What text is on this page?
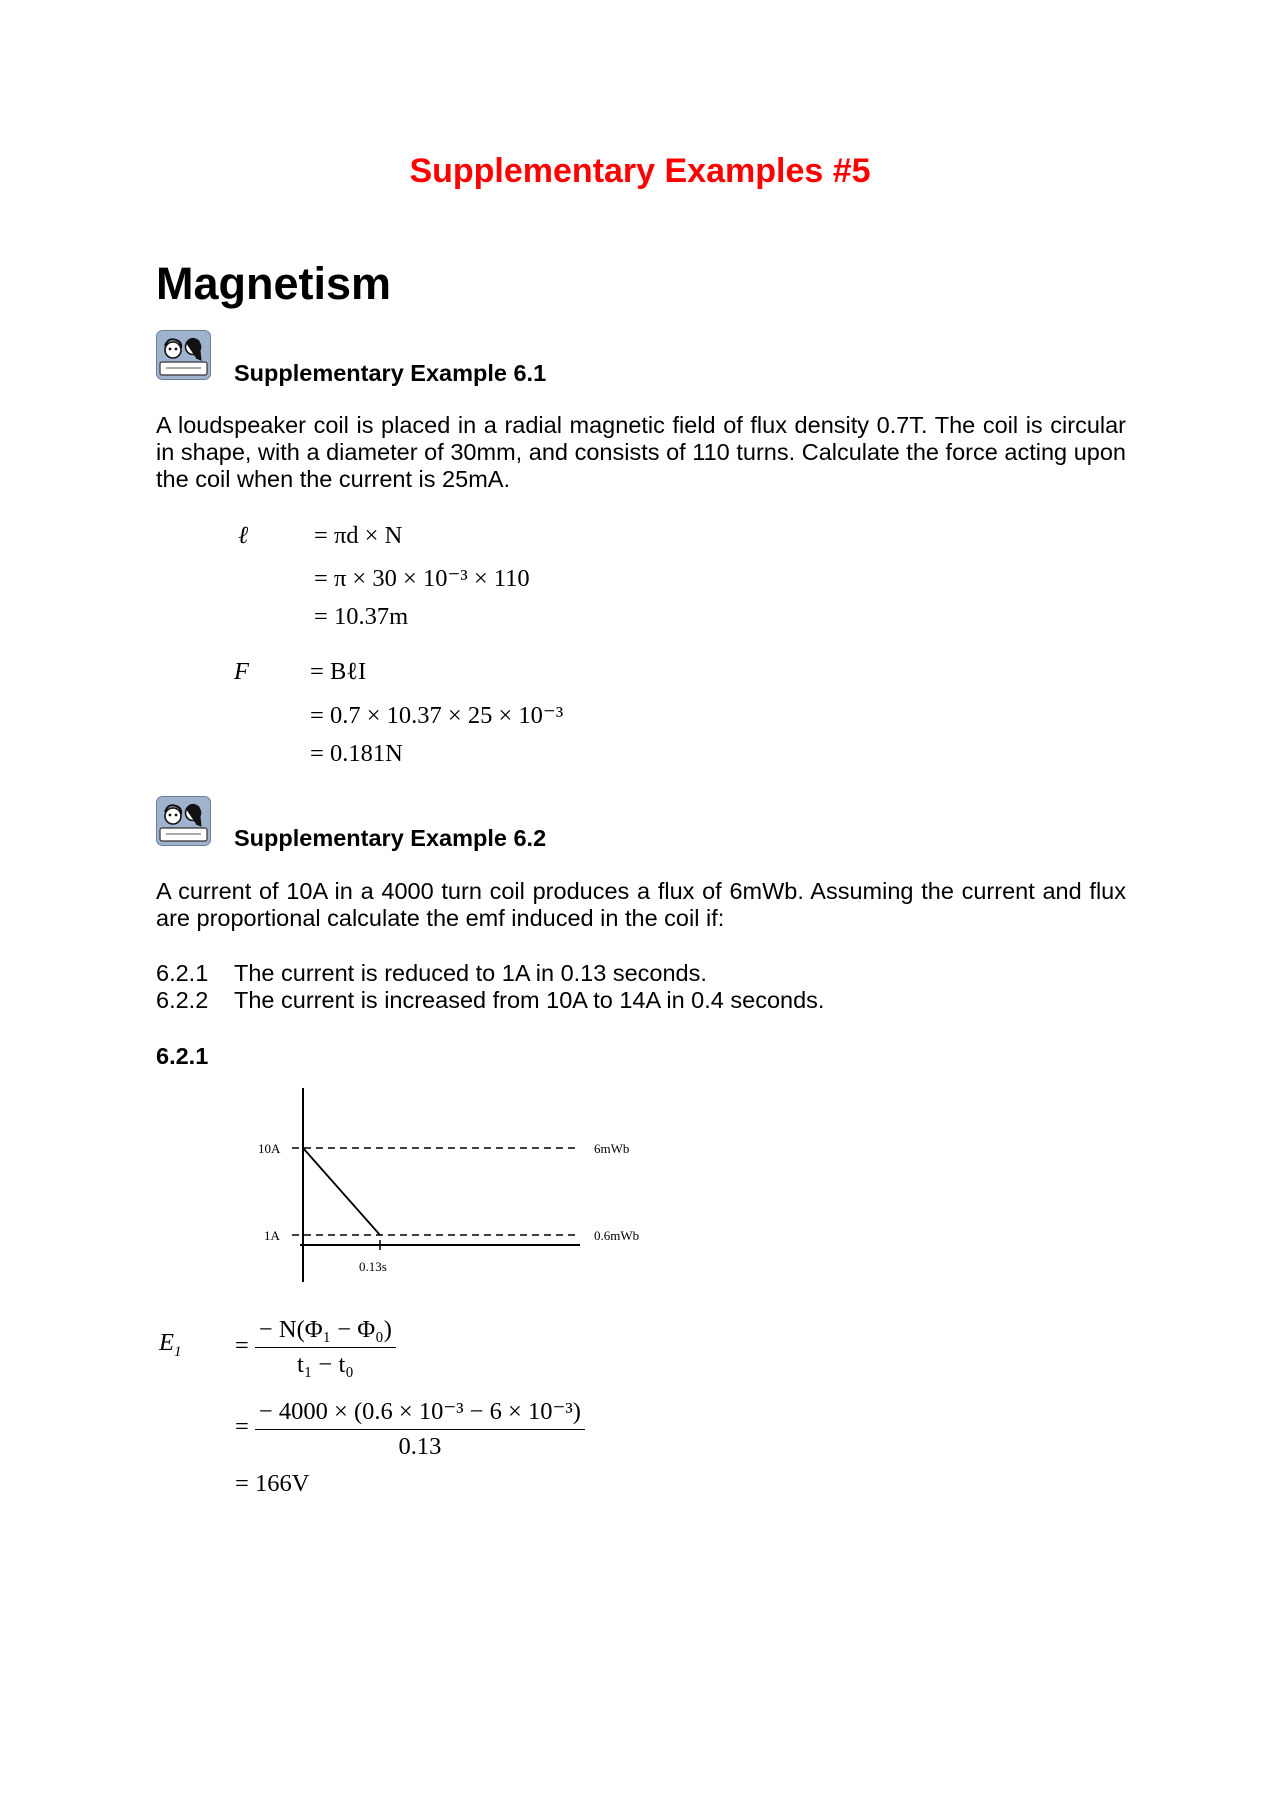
Supplementary Examples #5
Magnetism
Supplementary Example 6.1
A loudspeaker coil is placed in a radial magnetic field of flux density 0.7T. The coil is circular in shape, with a diameter of 30mm, and consists of 110 turns. Calculate the force acting upon the coil when the current is 25mA.
ℓ	= πd × N
= π × 30 × 10⁻³ × 110
= 10.37m
F = BℓI
= 0.7 × 10.37 × 25 × 10⁻³
= 0.181N
Supplementary Example 6.2
A current of 10A in a 4000 turn coil produces a flux of 6mWb. Assuming the current and flux are proportional calculate the emf induced in the coil if:
6.2.1 The current is reduced to 1A in 0.13 seconds.
6.2.2 The current is increased from 10A to 14A in 0.4 seconds.
6.2.1
10A
1A
0.13s
6mWb
0.6mWb
$E_1 = \frac{\text{− N(Φ₁ − Φ₀)}}{\text{t₁ − t₀}}$
= $\frac{\text{− 4000 × (0.6 × 10⁻³ − 6 × 10⁻³)}}{0.13}$
= 166V
